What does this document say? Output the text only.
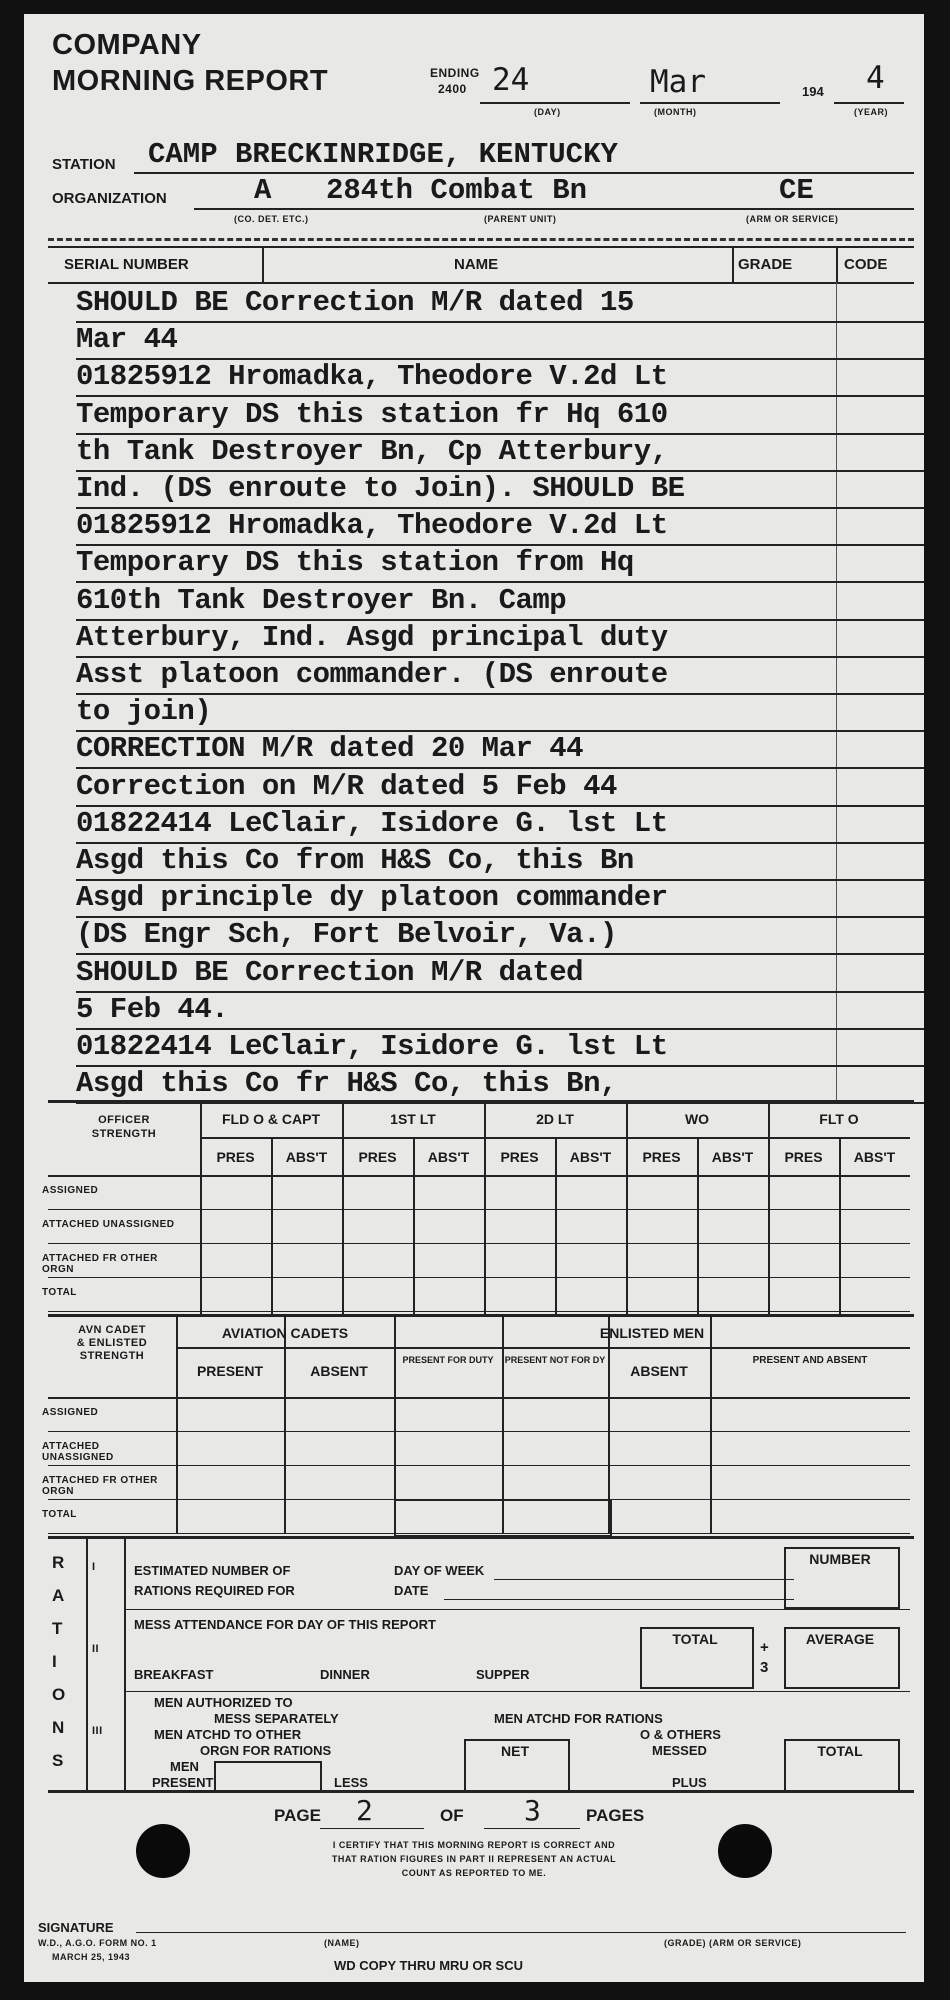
COMPANY
MORNING REPORT	ENDING
2400 24	Mar	194 4
(DAY)	(MONTH)	(YEAR)
STATION CAMP BRECKINRIDGE, KENTUCKY
ORGANIZATION	A 284th Combat Bn	CE
(CO. DET. ETC.)	(PARENT UNIT)	(ARM OR SERVICE)
SERIAL NUMBER	NAME	GRADE	CODE
SHOULD BE Correction M/R dated 15
Mar 44
01825912 Hromadka, Theodore V.2d Lt
Temporary DS this station fr Hq 610
th Tank Destroyer Bn, Cp Atterbury,
Ind. (DS enroute to Join). SHOULD BE
01825912 Hromadka, Theodore V.2d Lt
Temporary DS this station from Hq
610th Tank Destroyer Bn. Camp
Atterbury, Ind. Asgd principal duty
Asst platoon commander. (DS enroute
to join)
CORRECTION M/R dated 20 Mar 44
Correction on M/R dated 5 Feb 44
01822414 LeClair, Isidore G. lst Lt
Asgd this Co from H&S Co, this Bn
Asgd principle dy platoon commander
(DS Engr Sch, Fort Belvoir, Va.)
SHOULD BE Correction M/R dated
5 Feb 44.
01822414 LeClair, Isidore G. lst Lt
Asgd this Co fr H&S Co, this Bn,
OFFICER
STRENGTH
FLD O & CAPT
PRES	ABS'T
1ST LT
PRES	ABS'T
2D LT
PRES	ABS'T
WO
PRES	ABS'T
FLT O
PRES	ABS'T
ASSIGNED
ATTACHED UNASSIGNED
ATTACHED FR OTHER ORGN
TOTAL
AVN CADET
& ENLISTED
STRENGTH
AVIATION CADETS	ENLISTED MEN
PRESENT	ABSENT
PRESENT FOR DUTY	PRESENT NOT FOR DY
ABSENT
PRESENT AND ABSENT
ASSIGNED
ATTACHED UNASSIGNED
ATTACHED FR OTHER ORGN
TOTAL
R
A
T
I
O
N
S
I
II
III
ESTIMATED NUMBER OF
RATIONS REQUIRED FOR
DAY OF WEEK
DATE
NUMBER
MESS ATTENDANCE FOR DAY OF THIS REPORT
BREAKFAST	DINNER	SUPPER
TOTAL	+
3
AVERAGE
MEN AUTHORIZED TO
MESS SEPARATELY	MEN ATCHD FOR RATIONS
MEN ATCHD TO OTHER
ORGN FOR RATIONS
O & OTHERS
MESSED
MEN
PRESENT	LESS
NET
PLUS
TOTAL
PAGE 2	OF 3	PAGES
I CERTIFY THAT THIS MORNING REPORT IS CORRECT AND
THAT RATION FIGURES IN PART II REPRESENT AN ACTUAL
COUNT AS REPORTED TO ME.
SIGNATURE
W.D., A.G.O. FORM NO. 1
MARCH 25, 1943
(NAME)	(GRADE) (ARM OR SERVICE)
WD COPY THRU MRU OR SCU
